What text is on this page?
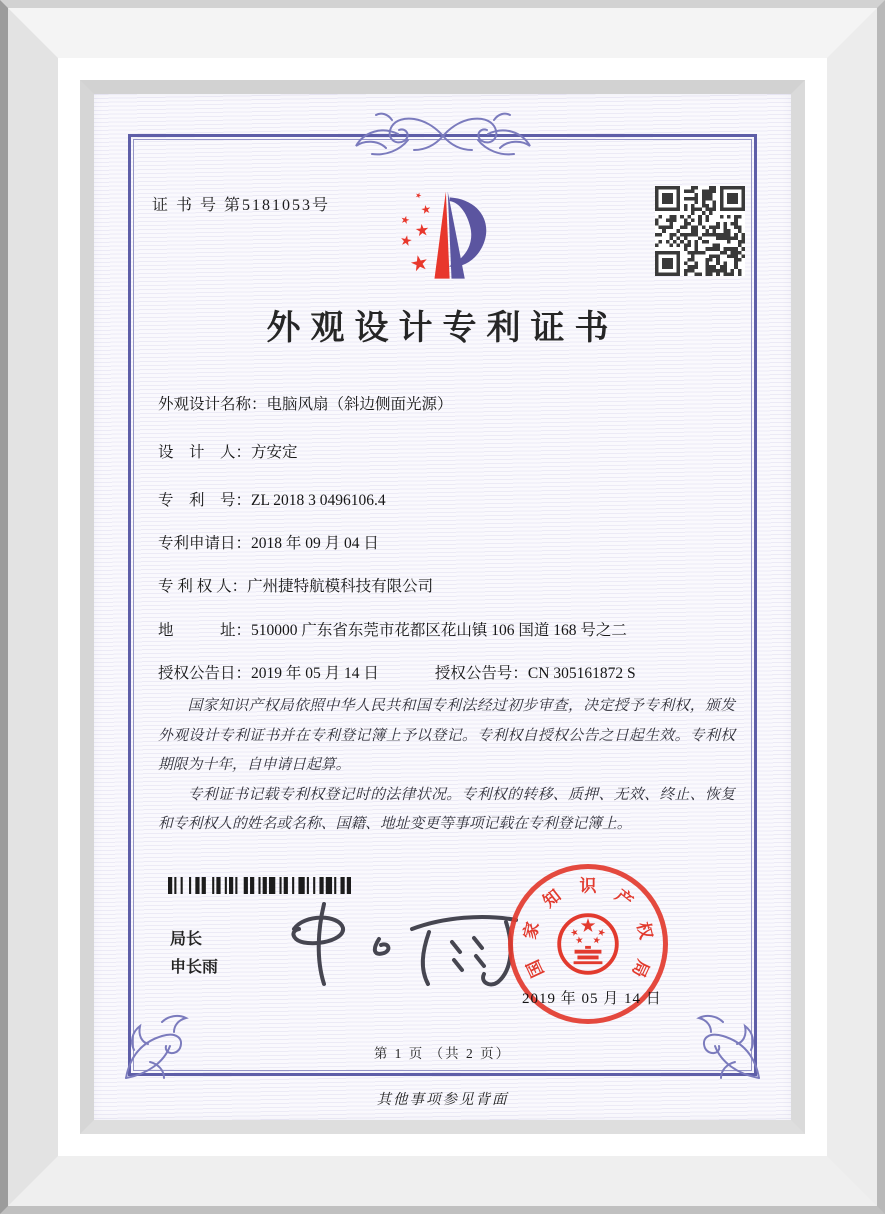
证 书 号 第5181053号
外观设计专利证书
外观设计名称：电脑风扇（斜边侧面光源）
设　计　人：方安定
专　利　号：ZL 2018 3 0496106.4
专利申请日：2018 年 09 月 04 日
专 利 权 人：广州捷特航模科技有限公司
地　　　址：510000 广东省东莞市花都区花山镇 106 国道 168 号之二
授权公告日：2019 年 05 月 14 日	授权公告号：CN 305161872 S

国家知识产权局依照中华人民共和国专利法经过初步审查，决定授予专利权，颁发外观设计专利证书并在专利登记簿上予以登记。专利权自授权公告之日起生效。专利权期限为十年，自申请日起算。

专利证书记载专利权登记时的法律状况。专利权的转移、质押、无效、终止、恢复和专利权人的姓名或名称、国籍、地址变更等事项记载在专利登记簿上。

局长
申长雨	国
家
知 识 产
权
局
2019 年 05 月 14 日
第 1 页 （共 2 页）
其他事项参见背面
